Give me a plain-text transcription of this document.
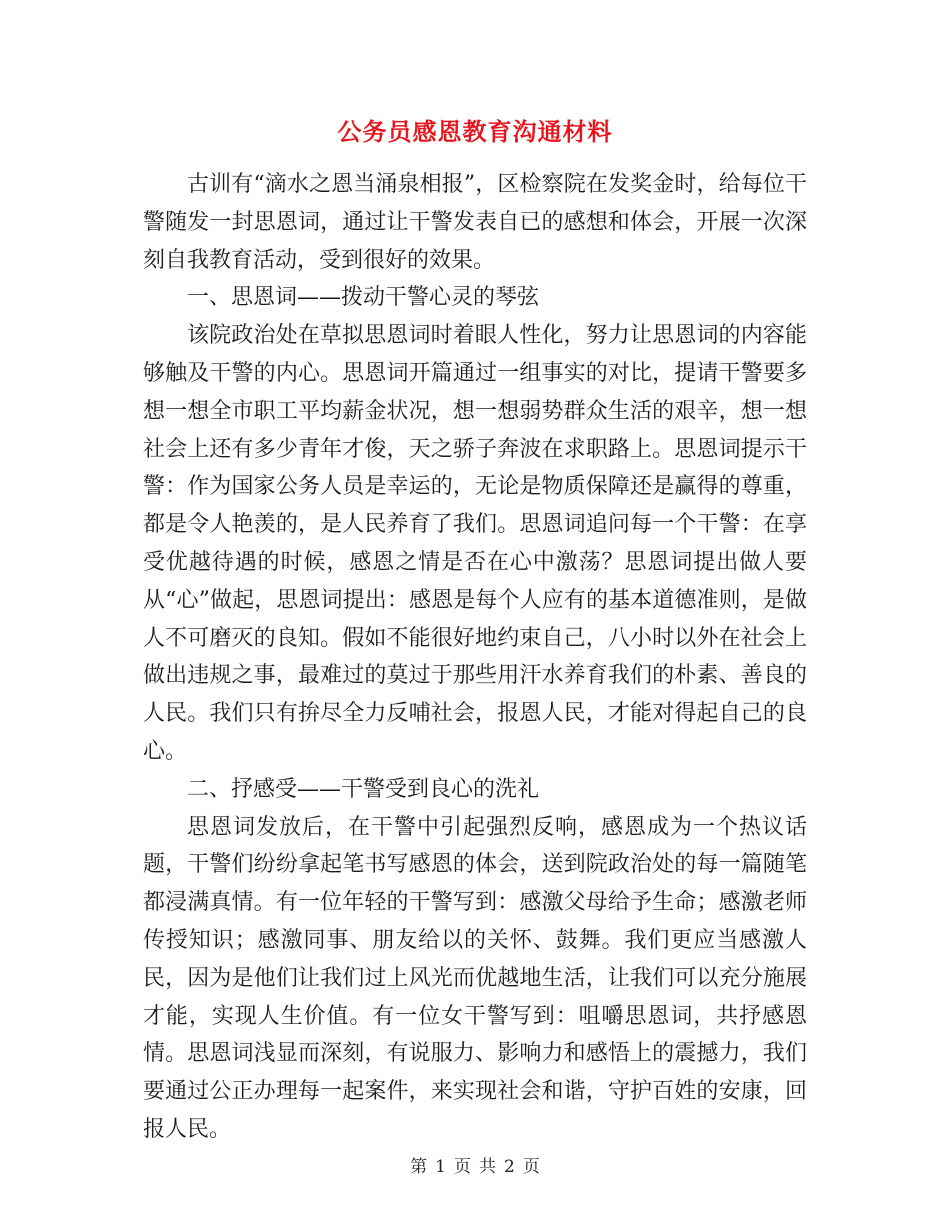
公务员感恩教育沟通材料

古训有“滴水之恩当涌泉相报”，区检察院在发奖金时，给每位干警随发一封思恩词，通过让干警发表自已的感想和体会，开展一次深刻自我教育活动，受到很好的效果。

一、思恩词——拨动干警心灵的琴弦

该院政治处在草拟思恩词时着眼人性化，努力让思恩词的内容能够触及干警的内心。思恩词开篇通过一组事实的对比，提请干警要多想一想全市职工平均薪金状况，想一想弱势群众生活的艰辛，想一想社会上还有多少青年才俊，天之骄子奔波在求职路上。思恩词提示干警：作为国家公务人员是幸运的，无论是物质保障还是赢得的尊重，都是令人艳羡的，是人民养育了我们。思恩词追问每一个干警：在享受优越待遇的时候，感恩之情是否在心中激荡？思恩词提出做人要从“心”做起，思恩词提出：感恩是每个人应有的基本道德准则，是做人不可磨灭的良知。假如不能很好地约束自己，八小时以外在社会上做出违规之事，最难过的莫过于那些用汗水养育我们的朴素、善良的人民。我们只有拚尽全力反哺社会，报恩人民，才能对得起自己的良心。

二、抒感受——干警受到良心的洗礼

思恩词发放后，在干警中引起强烈反响，感恩成为一个热议话题，干警们纷纷拿起笔书写感恩的体会，送到院政治处的每一篇随笔都浸满真情。有一位年轻的干警写到：感激父母给予生命；感激老师传授知识；感激同事、朋友给以的关怀、鼓舞。我们更应当感激人民，因为是他们让我们过上风光而优越地生活，让我们可以充分施展才能，实现人生价值。有一位女干警写到：咀嚼思恩词，共抒感恩情。思恩词浅显而深刻，有说服力、影响力和感悟上的震撼力，我们要通过公正办理每一起案件，来实现社会和谐，守护百姓的安康，回报人民。

第 1 页 共 2 页
